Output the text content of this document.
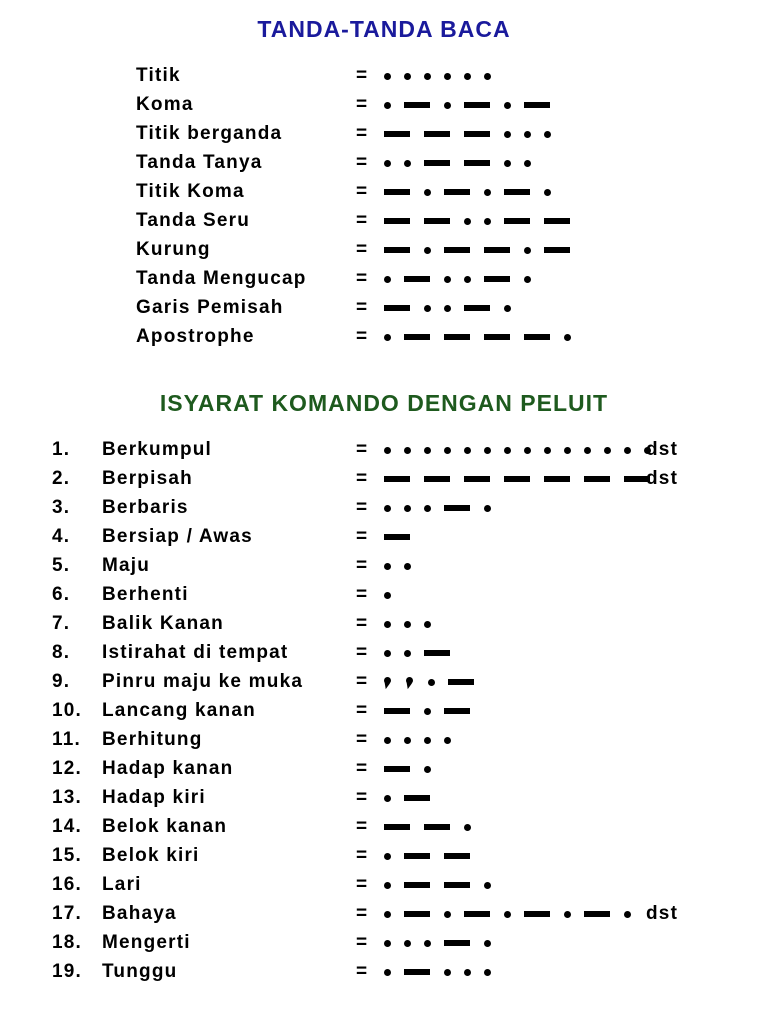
TANDA-TANDA BACA
Titik	=
Koma	=
Titik berganda	=
Tanda Tanya	=
Titik Koma	=
Tanda Seru	=
Kurung	=
Tanda Mengucap	=
Garis Pemisah	=
Apostrophe	=
ISYARAT KOMANDO DENGAN PELUIT
1. Berkumpul	=	dst
2. Berpisah	=	dst
3. Berbaris	=
4. Bersiap / Awas	=
5. Maju	=
6. Berhenti	=
7. Balik Kanan	=
8. Istirahat di tempat	=
9. Pinru maju ke muka	=
10. Lancang kanan	=
11. Berhitung	=
12. Hadap kanan	=
13. Hadap kiri	=
14. Belok kanan	=
15. Belok kiri	=
16. Lari	=
17. Bahaya	=	dst
18. Mengerti	=
19. Tunggu	=
